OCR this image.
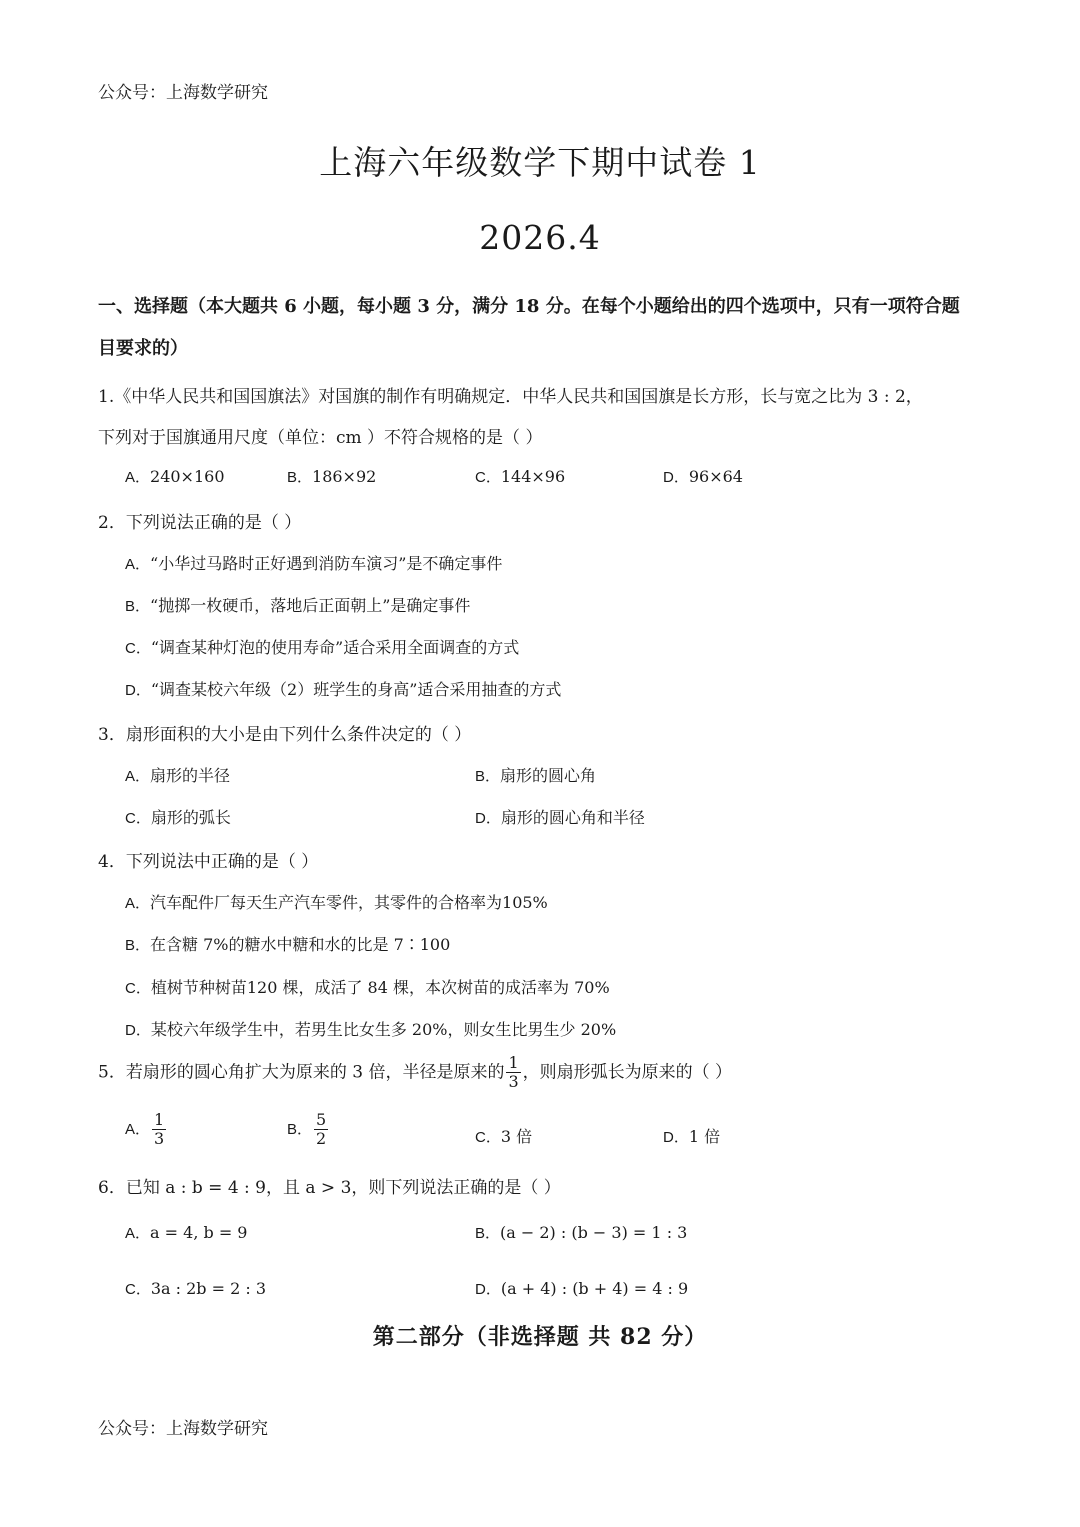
公众号：上海数学研究
上海六年级数学下期中试卷 1
2026.4
一、选择题（本大题共 6 小题，每小题 3 分，满分 18 分。在每个小题给出的四个选项中，只有一项符合题
目要求的）
1.《中华人民共和国国旗法》对国旗的制作有明确规定．中华人民共和国国旗是长方形，长与宽之比为 3 : 2，
下列对于国旗通用尺度（单位：cm ）不符合规格的是（ ）
A．240×160	B．186×92	C．144×96	D．96×64
2．下列说法正确的是（ ）
A．“小华过马路时正好遇到消防车演习”是不确定事件
B．“抛掷一枚硬币，落地后正面朝上”是确定事件
C．“调查某种灯泡的使用寿命”适合采用全面调查的方式
D．“调查某校六年级（2）班学生的身高”适合采用抽查的方式
3．扇形面积的大小是由下列什么条件决定的（ ）
A．扇形的半径	B．扇形的圆心角
C．扇形的弧长	D．扇形的圆心角和半径
4．下列说法中正确的是（ ）
A．汽车配件厂每天生产汽车零件，其零件的合格率为105%
B．在含糖 7%的糖水中糖和水的比是 7∶100
C．植树节种树苗120 棵，成活了 84 棵，本次树苗的成活率为 70%
D．某校六年级学生中，若男生比女生多 20%，则女生比男生少 20%
5．若扇形的圆心角扩大为原来的 3 倍，半径是原来的 $\frac{1}{3}$ ，则扇形弧长为原来的（ ）
A． $\frac{1}{3}$	B． $\frac{5}{2}$	C．3 倍	D．1 倍
6．已知 a : b = 4 : 9，且 a > 3，则下列说法正确的是（ ）
A．a = 4, b = 9	B．(a − 2) : (b − 3) = 1 : 3
C．3a : 2b = 2 : 3	D．(a + 4) : (b + 4) = 4 : 9
第二部分（非选择题 共 82 分）
公众号：上海数学研究
